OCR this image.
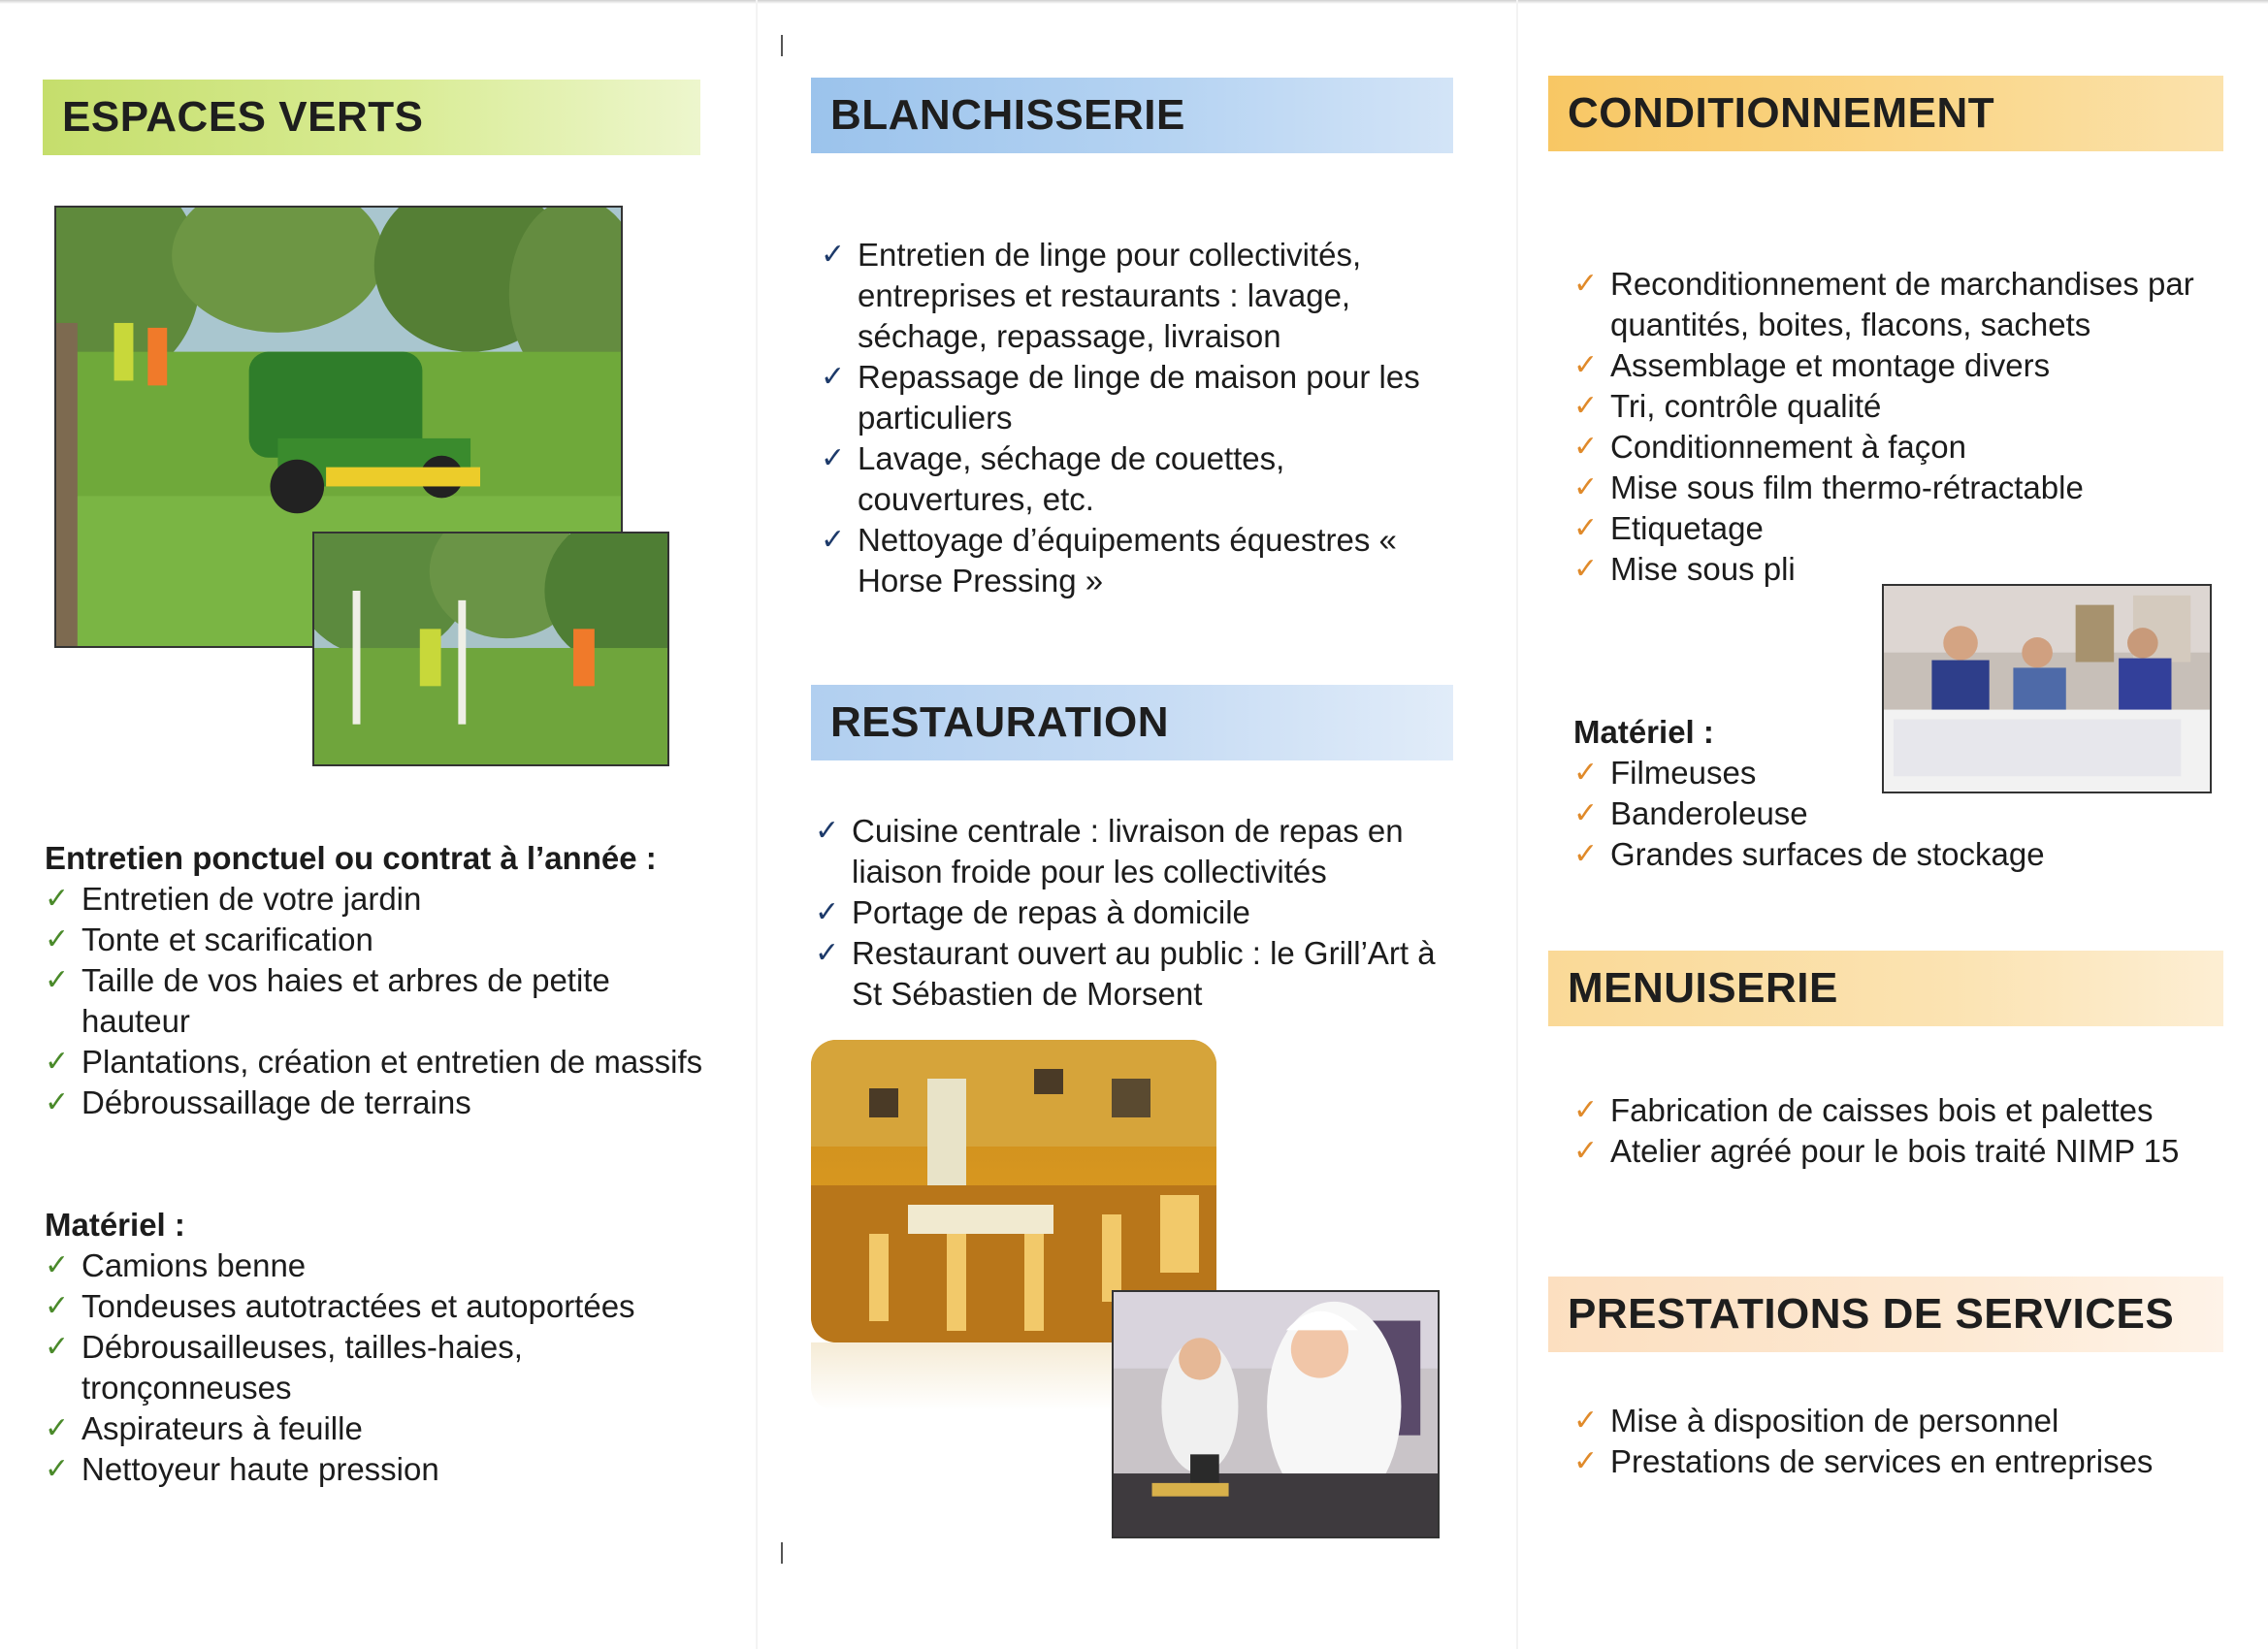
ESPACES VERTS
Entretien ponctuel ou contrat à l’année :
✓ Entretien de votre jardin
✓ Tonte et scarification
✓ Taille de vos haies et arbres de petite hauteur
✓ Plantations, création et entretien de massifs
✓ Débroussaillage de terrains
Matériel :
✓ Camions benne
✓ Tondeuses autotractées et autoportées
✓ Débrousailleuses, tailles-haies, tronçonneuses
✓ Aspirateurs à feuille
✓ Nettoyeur haute pression
BLANCHISSERIE
✓ Entretien de linge pour collectivités, entreprises et restaurants : lavage, séchage, repassage, livraison
✓ Repassage de linge de maison pour les particuliers
✓ Lavage, séchage de couettes, couvertures, etc.
✓ Nettoyage d’équipements équestres « Horse Pressing »
RESTAURATION
✓ Cuisine centrale : livraison de repas en liaison froide pour les collectivités
✓ Portage de repas à domicile
✓ Restaurant ouvert au public : le Grill’Art à St Sébastien de Morsent
CONDITIONNEMENT
✓ Reconditionnement de marchandises par quantités, boites, flacons, sachets
✓ Assemblage et montage divers
✓ Tri, contrôle qualité
✓ Conditionnement à façon
✓ Mise sous film thermo-rétractable
✓ Etiquetage
✓ Mise sous pli
Matériel :
✓ Filmeuses
✓ Banderoleuse
✓ Grandes surfaces de stockage
MENUISERIE
✓ Fabrication de caisses bois et palettes
✓ Atelier agréé pour le bois traité NIMP 15
PRESTATIONS DE SERVICES
✓ Mise à disposition de personnel
✓ Prestations de services en entreprises
